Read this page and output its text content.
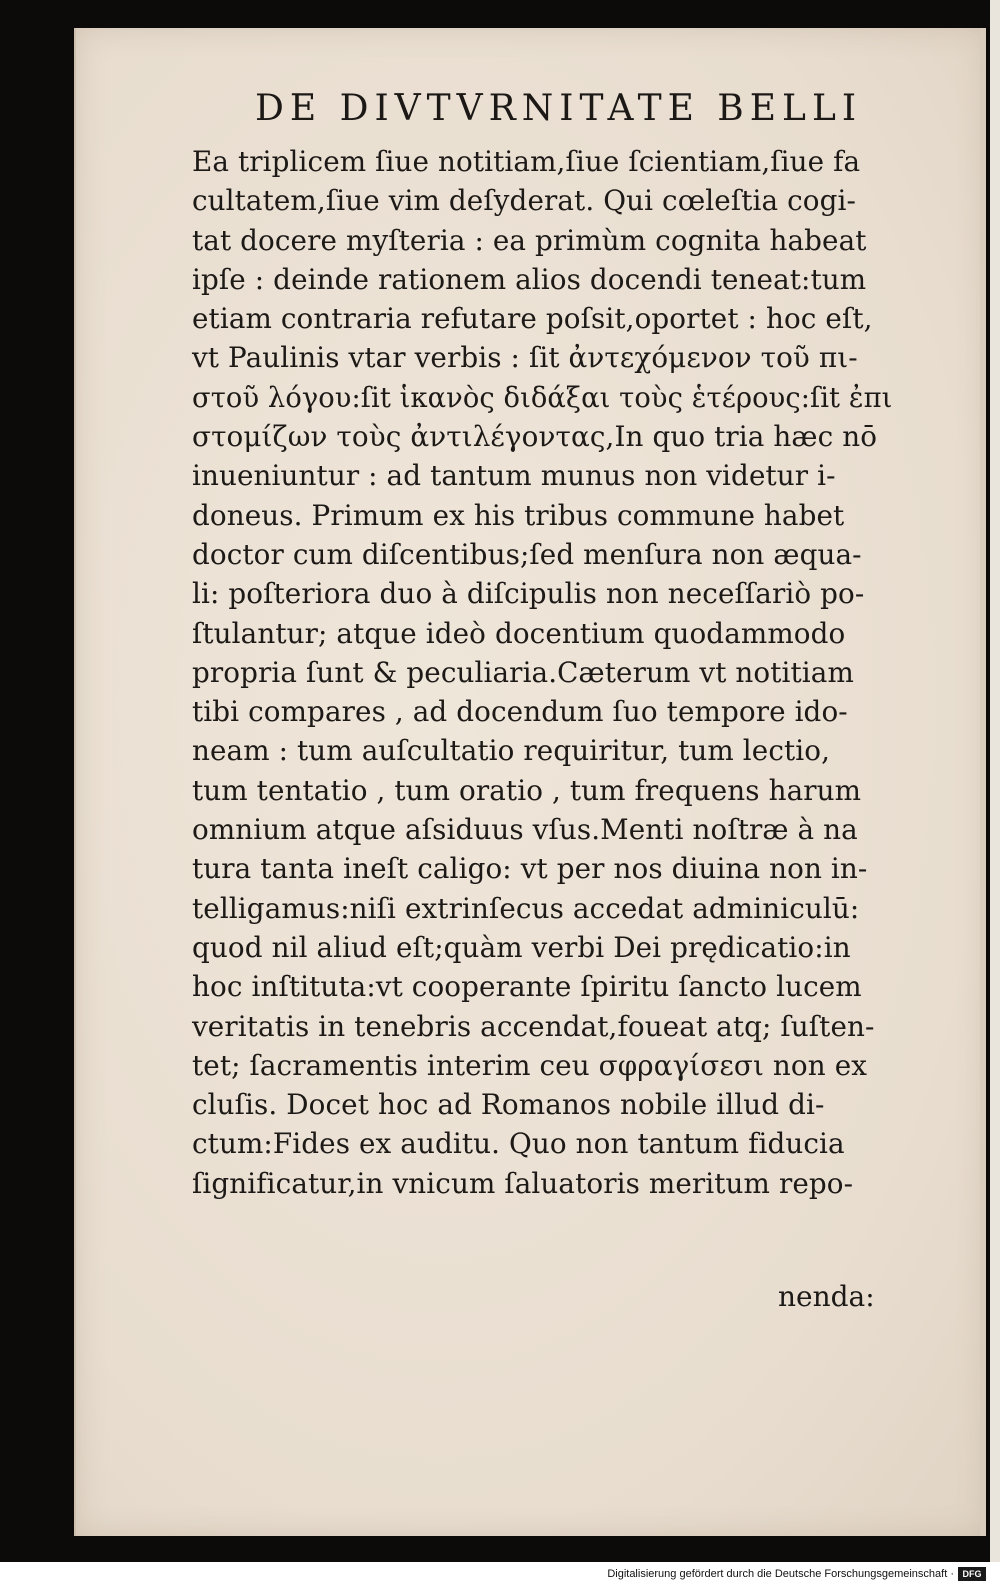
DE DIVTVRNITATE BELLI
Ea triplicem ſiue notitiam,ſiue ſcientiam,ſiue fa
cultatem,ſiue vim deſyderat. Qui cœleſtia cogi-
tat docere myſteria : ea primùm cognita habeat
ipſe : deinde rationem alios docendi teneat:tum
etiam contraria refutare poſsit,oportet : hoc eſt,
vt Paulinis vtar verbis : ſit ἀντεχόμενον τοῦ πι-
στοῦ λόγου:ſit ἱκανὸς διδάξαι τοὺς ἑτέρους:ſit ἐπι
στομίζων τοὺς ἀντιλέγοντας,In quo tria hæc nō
inueniuntur : ad tantum munus non videtur i-
doneus. Primum ex his tribus commune habet
doctor cum diſcentibus;ſed menſura non æqua-
li: poſteriora duo à diſcipulis non neceſſariò po-
ſtulantur; atque ideò docentium quodammodo
propria ſunt & peculiaria.Cæterum vt notitiam
tibi compares , ad docendum ſuo tempore ido-
neam : tum auſcultatio requiritur, tum lectio,
tum tentatio , tum oratio , tum frequens harum
omnium atque aſsiduus vſus.Menti noſtræ à na
tura tanta ineſt caligo: vt per nos diuina non in-
telligamus:niſi extrinſecus accedat adminiculū:
quod nil aliud eſt;quàm verbi Dei prędicatio:in
hoc inſtituta:vt cooperante ſpiritu ſancto lucem
veritatis in tenebris accendat,foueat atq; ſuſten-
tet; ſacramentis interim ceu σφραγίσεσι non ex
cluſis. Docet hoc ad Romanos nobile illud di-
ctum:Fides ex auditu. Quo non tantum fiducia
ſignificatur,in vnicum ſaluatoris meritum repo-
nenda:
Digitalisierung gefördert durch die Deutsche Forschungsgemeinschaft · DFG
